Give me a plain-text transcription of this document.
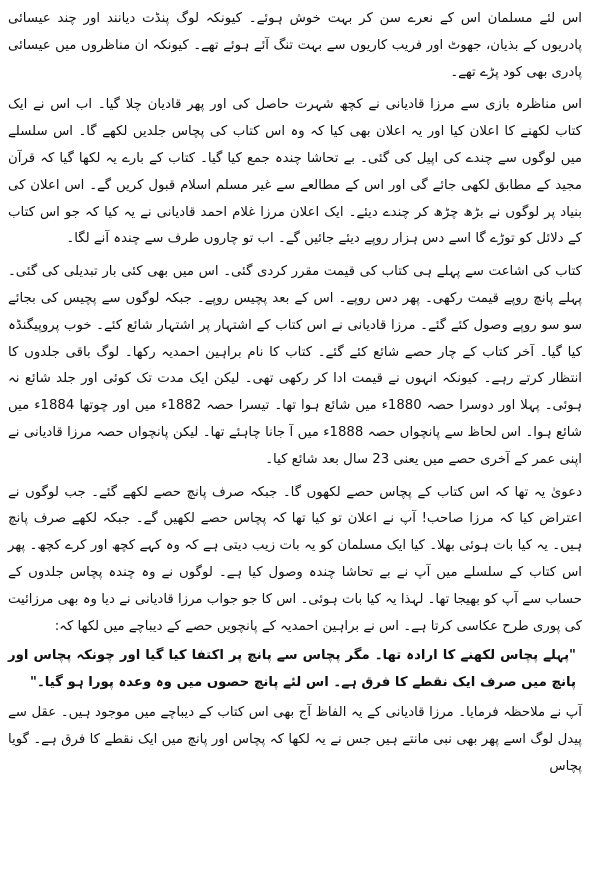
اس لئے مسلمان اس کے نعرے سن کر بہت خوش ہوئے۔ کیونکہ لوگ پنڈت دیانند اور چند عیسائی پادریوں کے بذیان، جھوٹ اور فریب کاریوں سے بہت تنگ آئے ہوئے تھے۔ کیونکہ ان مناظروں میں عیسائی پادری بھی کود پڑے تھے۔

اس مناظرہ بازی سے مرزا قادیانی نے کچھ شہرت حاصل کی اور پھر قادیان چلا گیا۔ اب اس نے ایک کتاب لکھنے کا اعلان کیا اور یہ اعلان بھی کیا کہ وہ اس کتاب کی پچاس جلدیں لکھے گا۔ اس سلسلے میں لوگوں سے چندے کی اپیل کی گئی۔ بے تحاشا چندہ جمع کیا گیا۔ کتاب کے بارے یہ لکھا گیا کہ قرآن مجید کے مطابق لکھی جائے گی اور اس کے مطالعے سے غیر مسلم اسلام قبول کریں گے۔ اس اعلان کی بنیاد پر لوگوں نے بڑھ چڑھ کر چندے دیئے۔ ایک اعلان مرزا غلام احمد قادیانی نے یہ کیا کہ جو اس کتاب کے دلائل کو توڑے گا اسے دس ہزار روپے دیئے جائیں گے۔ اب تو چاروں طرف سے چندہ آنے لگا۔

کتاب کی اشاعت سے پہلے ہی کتاب کی قیمت مقرر کردی گئی۔ اس میں بھی کئی بار تبدیلی کی گئی۔ پہلے پانچ روپے قیمت رکھی۔ پھر دس روپے۔ اس کے بعد پچیس روپے۔ جبکہ لوگوں سے پچیس کی بجائے سو سو روپے وصول کئے گئے۔ مرزا قادیانی نے اس کتاب کے اشتہار پر اشتہار شائع کئے۔ خوب پروپیگنڈہ کیا گیا۔ آخر کتاب کے چار حصے شائع کئے گئے۔ کتاب کا نام براہین احمدیہ رکھا۔ لوگ باقی جلدوں کا انتظار کرتے رہے۔ کیونکہ انہوں نے قیمت ادا کر رکھی تھی۔ لیکن ایک مدت تک کوئی اور جلد شائع نہ ہوئی۔ پہلا اور دوسرا حصہ 1880ء میں شائع ہوا تھا۔ تیسرا حصہ 1882ء میں اور چوتھا 1884ء میں شائع ہوا۔ اس لحاظ سے پانچواں حصہ 1888ء میں آ جانا چاہئے تھا۔ لیکن پانچواں حصہ مرزا قادیانی نے اپنی عمر کے آخری حصے میں یعنی 23 سال بعد شائع کیا۔

دعویٰ یہ تھا کہ اس کتاب کے پچاس حصے لکھوں گا۔ جبکہ صرف پانچ حصے لکھے گئے۔ جب لوگوں نے اعتراض کیا کہ مرزا صاحب! آپ نے اعلان تو کیا تھا کہ پچاس حصے لکھیں گے۔ جبکہ لکھے صرف پانچ ہیں۔ یہ کیا بات ہوئی بھلا۔ کیا ایک مسلمان کو یہ بات زیب دیتی ہے کہ وہ کہے کچھ اور کرے کچھ۔ پھر اس کتاب کے سلسلے میں آپ نے بے تحاشا چندہ وصول کیا ہے۔ لوگوں نے وہ چندہ پچاس جلدوں کے حساب سے آپ کو بھیجا تھا۔ لہذا یہ کیا بات ہوئی۔ اس کا جو جواب مرزا قادیانی نے دیا وہ بھی مرزائیت کی پوری طرح عکاسی کرتا ہے۔ اس نے براہین احمدیہ کے پانچویں حصے کے دیباچے میں لکھا کہ:

"پہلے پچاس لکھنے کا ارادہ تھا۔ مگر پچاس سے پانچ پر اکتفا کیا گیا اور چونکہ پچاس اور پانچ میں صرف ایک نقطے کا فرق ہے۔ اس لئے پانچ حصوں میں وہ وعدہ پورا ہو گیا۔"

آپ نے ملاحظہ فرمایا۔ مرزا قادیانی کے یہ الفاظ آج بھی اس کتاب کے دیباچے میں موجود ہیں۔ عقل سے پیدل لوگ اسے پھر بھی نبی مانتے ہیں جس نے یہ لکھا کہ پچاس اور پانچ میں ایک نقطے کا فرق ہے۔ گویا پچاس
